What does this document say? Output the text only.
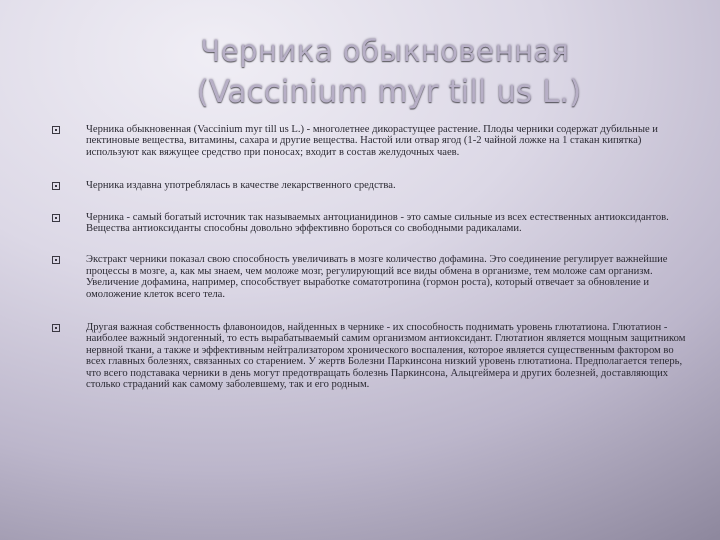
Черника обыкновенная
(Vaccinium myr till us L.)
Черника обыкновенная (Vaccinium myr till us L.) - многолетнее дикорастущее растение. Плоды черники содержат дубильные и пектиновые вещества, витамины, сахара и другие вещества. Настой или отвар ягод (1-2 чайной ложке на 1 стакан кипятка) используют как вяжущее средство при поносах; входит в состав желудочных чаев.
Черника издавна употреблялась в качестве лекарственного средства.
Черника - самый богатый источник так называемых антоцианидинов - это самые сильные из всех естественных антиоксидантов. Вещества антиоксиданты способны довольно эффективно бороться со свободными радикалами.
Экстракт черники показал свою способность увеличивать в мозге количество дофамина. Это соединение регулирует важнейшие процессы в мозге, а, как мы знаем, чем моложе мозг, регулирующий все виды обмена в организме, тем моложе сам организм. Увеличение дофамина, например, способствует выработке соматотропина (гормон роста), который отвечает за обновление и омоложение клеток всего тела.
Другая важная собственность флавоноидов, найденных в чернике - их способность поднимать уровень глютатиона. Глютатион - наиболее важный эндогенный, то есть вырабатываемый самим организмом антиоксидант. Глютатион является мощным защитником нервной ткани, а также и эффективным нейтрализатором хронического воспаления, которое является существенным фактором во всех главных болезнях, связанных со старением. У жертв Болезни Паркинсона низкий уровень глютатиона. Предполагается теперь, что всего подставака черники в день могут предотвращать болезнь Паркинсона, Альцгеймера и других болезней, доставляющих столько страданий как самому заболевшему, так и его родным.
